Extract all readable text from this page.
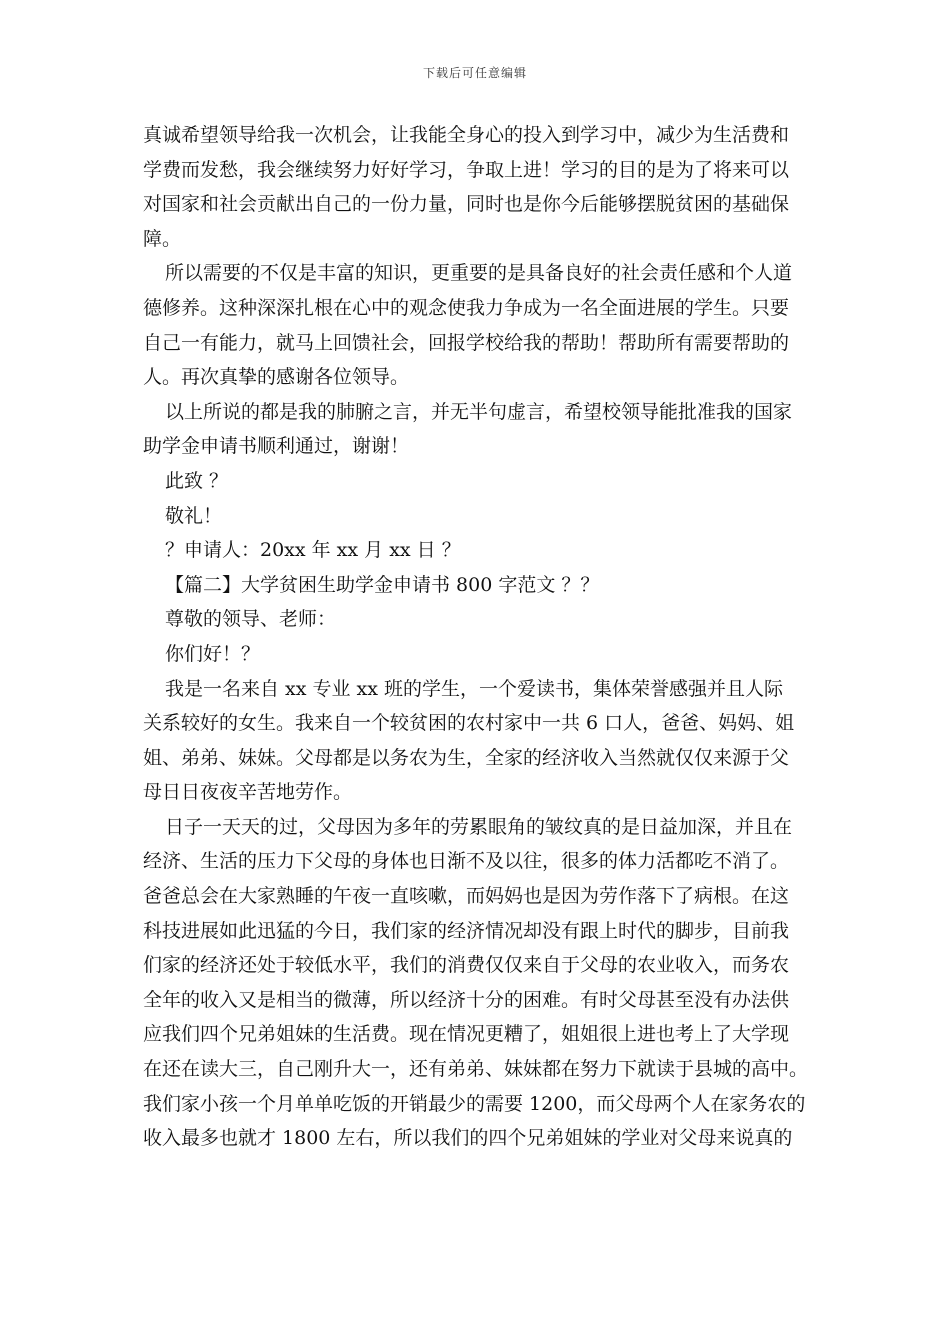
下载后可任意编辑
真诚希望领导给我一次机会，让我能全身心的投入到学习中，减少为生活费和
学费而发愁，我会继续努力好好学习，争取上进！学习的目的是为了将来可以
对国家和社会贡献出自己的一份力量，同时也是你今后能够摆脱贫困的基础保
障。
所以需要的不仅是丰富的知识，更重要的是具备良好的社会责任感和个人道
德修养。这种深深扎根在心中的观念使我力争成为一名全面进展的学生。只要
自己一有能力，就马上回馈社会，回报学校给我的帮助！帮助所有需要帮助的
人。再次真挚的感谢各位领导。
以上所说的都是我的肺腑之言，并无半句虚言，希望校领导能批准我的国家
助学金申请书顺利通过，谢谢！
此致 ？
敬礼！
？申请人：20xx 年 xx 月 xx 日 ？
【篇二】大学贫困生助学金申请书 800 字范文 ？？
尊敬的领导、老师：
你们好！？
我是一名来自 xx 专业 xx 班的学生，一个爱读书，集体荣誉感强并且人际
关系较好的女生。我来自一个较贫困的农村家中一共 6 口人，爸爸、妈妈、姐
姐、弟弟、妹妹。父母都是以务农为生，全家的经济收入当然就仅仅来源于父
母日日夜夜辛苦地劳作。
日子一天天的过，父母因为多年的劳累眼角的皱纹真的是日益加深，并且在
经济、生活的压力下父母的身体也日渐不及以往，很多的体力活都吃不消了。
爸爸总会在大家熟睡的午夜一直咳嗽，而妈妈也是因为劳作落下了病根。在这
科技进展如此迅猛的今日，我们家的经济情况却没有跟上时代的脚步，目前我
们家的经济还处于较低水平，我们的消费仅仅来自于父母的农业收入，而务农
全年的收入又是相当的微薄，所以经济十分的困难。有时父母甚至没有办法供
应我们四个兄弟姐妹的生活费。现在情况更糟了，姐姐很上进也考上了大学现
在还在读大三，自己刚升大一，还有弟弟、妹妹都在努力下就读于县城的高中。
我们家小孩一个月单单吃饭的开销最少的需要 1200，而父母两个人在家务农的
收入最多也就才 1800 左右，所以我们的四个兄弟姐妹的学业对父母来说真的
